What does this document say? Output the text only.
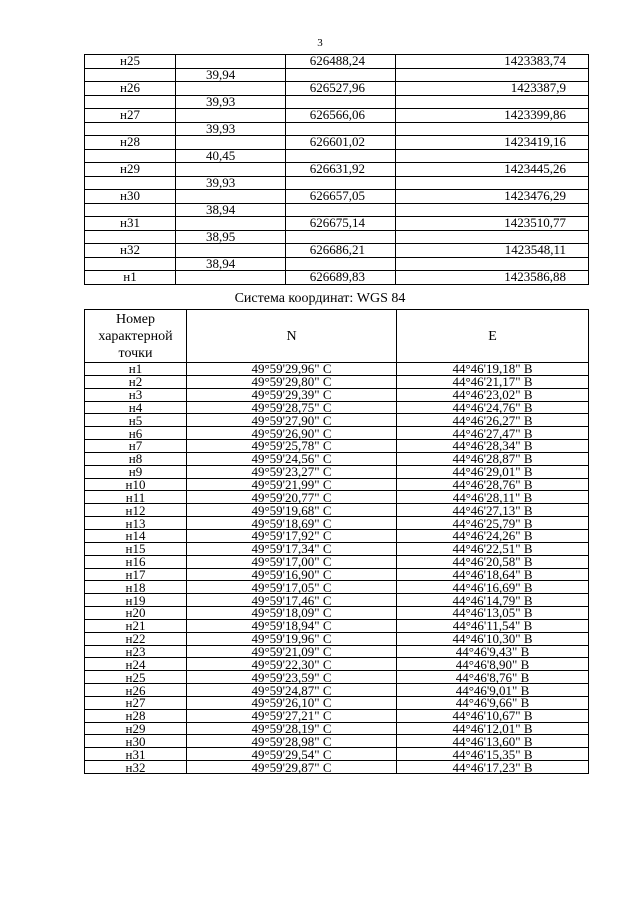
3
н25		626488,24	1423383,74
	39,94		
н26		626527,96	1423387,9
	39,93		
н27		626566,06	1423399,86
	39,93		
н28		626601,02	1423419,16
	40,45		
н29		626631,92	1423445,26
	39,93		
н30		626657,05	1423476,29
	38,94		
н31		626675,14	1423510,77
	38,95		
н32		626686,21	1423548,11
	38,94		
н1		626689,83	1423586,88
Система координат: WGS 84
Номер характерной точки	N	E
н1	49°59'29,96" С	44°46'19,18" В
н2	49°59'29,80" С	44°46'21,17" В
н3	49°59'29,39" С	44°46'23,02" В
н4	49°59'28,75" С	44°46'24,76" В
н5	49°59'27,90" С	44°46'26,27" В
н6	49°59'26,90" С	44°46'27,47" В
н7	49°59'25,78" С	44°46'28,34" В
н8	49°59'24,56" С	44°46'28,87" В
н9	49°59'23,27" С	44°46'29,01" В
н10	49°59'21,99" С	44°46'28,76" В
н11	49°59'20,77" С	44°46'28,11" В
н12	49°59'19,68" С	44°46'27,13" В
н13	49°59'18,69" С	44°46'25,79" В
н14	49°59'17,92" С	44°46'24,26" В
н15	49°59'17,34" С	44°46'22,51" В
н16	49°59'17,00" С	44°46'20,58" В
н17	49°59'16,90" С	44°46'18,64" В
н18	49°59'17,05" С	44°46'16,69" В
н19	49°59'17,46" С	44°46'14,79" В
н20	49°59'18,09" С	44°46'13,05" В
н21	49°59'18,94" С	44°46'11,54" В
н22	49°59'19,96" С	44°46'10,30" В
н23	49°59'21,09" С	44°46'9,43" В
н24	49°59'22,30" С	44°46'8,90" В
н25	49°59'23,59" С	44°46'8,76" В
н26	49°59'24,87" С	44°46'9,01" В
н27	49°59'26,10" С	44°46'9,66" В
н28	49°59'27,21" С	44°46'10,67" В
н29	49°59'28,19" С	44°46'12,01" В
н30	49°59'28,98" С	44°46'13,60" В
н31	49°59'29,54" С	44°46'15,35" В
н32	49°59'29,87" С	44°46'17,23" В
